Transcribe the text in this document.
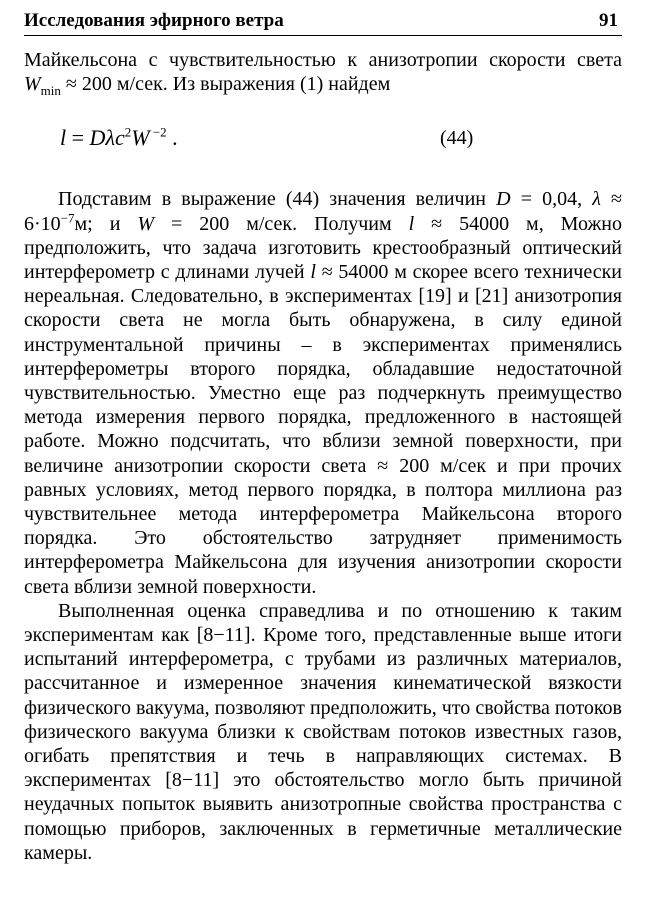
Исследования эфирного ветра	91

Майкельсона с чувствительностью к анизотропии скорости света $W_{min} \approx 200$ м/сек. Из выражения (1) найдем

l = Dλc$^2$W $^{-2}$ .	(44)

Подставим в выражение (44) значения величин D = 0,04, $\lambda \approx 6\cdot 10^{-7}м$; и W = 200 м/сек. Получим l ≈ 54000 м, Можно предположить, что задача изготовить крестообразный оптический интерферометр с длинами лучей l ≈ 54000 м скорее всего технически нереальная. Следовательно, в экспериментах [19] и [21] анизотропия скорости света не могла быть обнаружена, в силу единой инструментальной причины – в экспериментах применялись интерферометры второго порядка, обладавшие недостаточной чувствительностью. Уместно еще раз подчеркнуть преимущество метода измерения первого порядка, предложенного в настоящей работе. Можно подсчитать, что вблизи земной поверхности, при величине анизотропии скорости света ≈ 200 м/сек и при прочих равных условиях, метод первого порядка, в полтора миллиона раз чувствительнее метода интерферометра Майкельсона второго порядка. Это обстоятельство затрудняет применимость интерферометра Майкельсона для изучения анизотропии скорости света вблизи земной поверхности.

Выполненная оценка справедлива и по отношению к таким экспериментам как [8−11]. Кроме того, представленные выше итоги испытаний интерферометра, с трубами из различных материалов, рассчитанное и измеренное значения кинематической вязкости физического вакуума, позволяют предположить, что свойства потоков физического вакуума близки к свойствам потоков известных газов, огибать препятствия и течь в направляющих системах. В экспериментах [8−11] это обстоятельство могло быть причиной неудачных попыток выявить анизотропные свойства пространства с помощью приборов, заключенных в герметичные металлические камеры.
